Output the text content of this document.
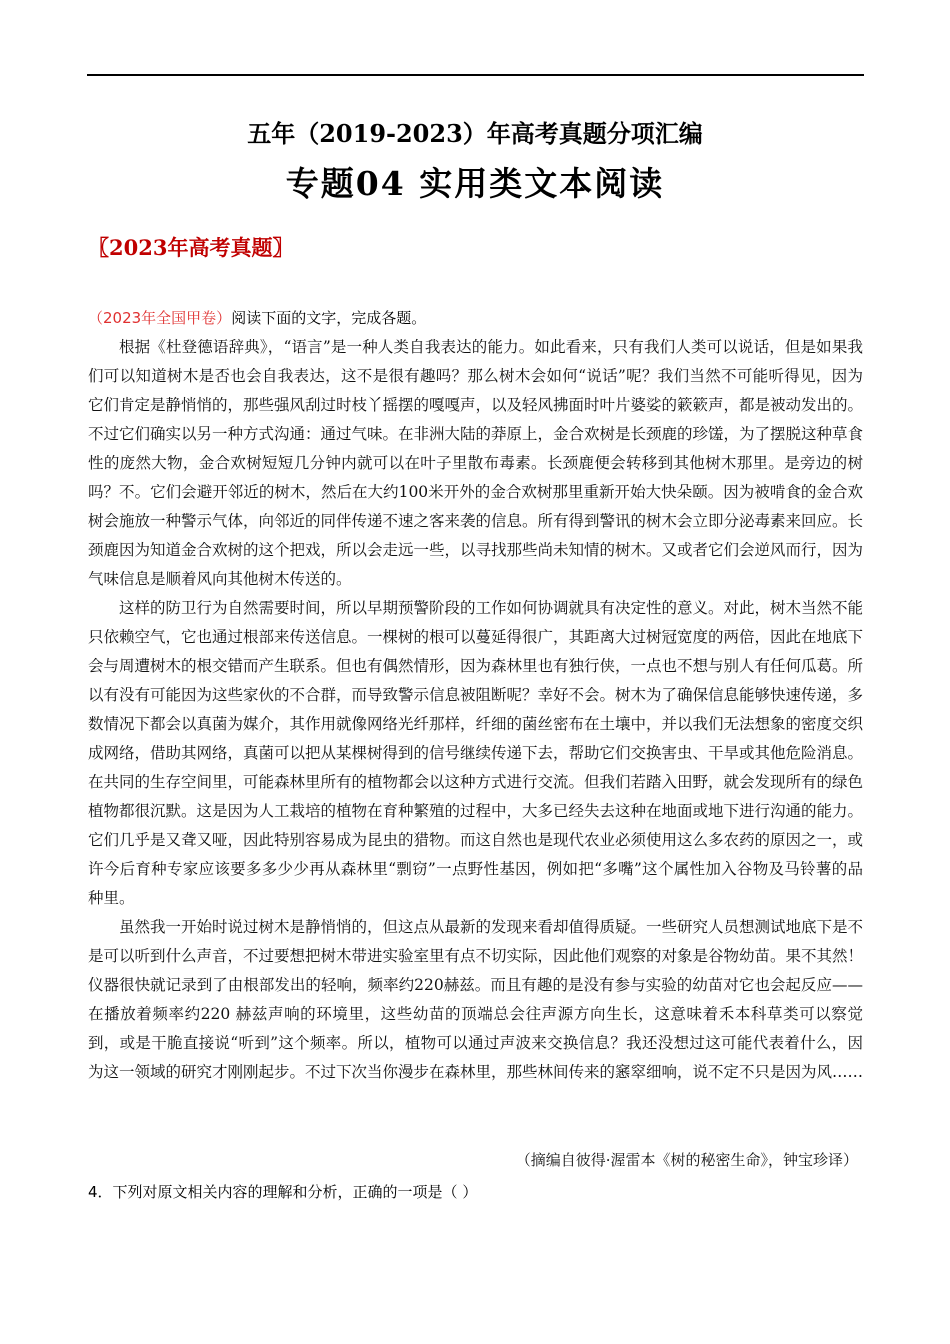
五年（2019-2023）年高考真题分项汇编
专题04 实用类文本阅读
〖2023年高考真题〗
（2023年全国甲卷）阅读下面的文字，完成各题。

根据《杜登德语辞典》，“语言”是一种人类自我表达的能力。如此看来，只有我们人类可以说话，但是如果我们可以知道树木是否也会自我表达，这不是很有趣吗？那么树木会如何“说话”呢？我们当然不可能听得见，因为它们肯定是静悄悄的，那些强风刮过时枝丫摇摆的嘎嘎声，以及轻风拂面时叶片婆娑的簌簌声，都是被动发出的。不过它们确实以另一种方式沟通：通过气味。在非洲大陆的莽原上，金合欢树是长颈鹿的珍馐，为了摆脱这种草食性的庞然大物，金合欢树短短几分钟内就可以在叶子里散布毒素。长颈鹿便会转移到其他树木那里。是旁边的树吗？不。它们会避开邻近的树木，然后在大约100米开外的金合欢树那里重新开始大快朵颐。因为被啃食的金合欢树会施放一种警示气体，向邻近的同伴传递不速之客来袭的信息。所有得到警讯的树木会立即分泌毒素来回应。长颈鹿因为知道金合欢树的这个把戏，所以会走远一些，以寻找那些尚未知情的树木。又或者它们会逆风而行，因为气味信息是顺着风向其他树木传送的。

这样的防卫行为自然需要时间，所以早期预警阶段的工作如何协调就具有决定性的意义。对此，树木当然不能只依赖空气，它也通过根部来传送信息。一棵树的根可以蔓延得很广，其距离大过树冠宽度的两倍，因此在地底下会与周遭树木的根交错而产生联系。但也有偶然情形，因为森林里也有独行侠，一点也不想与别人有任何瓜葛。所以有没有可能因为这些家伙的不合群，而导致警示信息被阻断呢？幸好不会。树木为了确保信息能够快速传递，多数情况下都会以真菌为媒介，其作用就像网络光纤那样，纤细的菌丝密布在土壤中，并以我们无法想象的密度交织成网络，借助其网络，真菌可以把从某棵树得到的信号继续传递下去，帮助它们交换害虫、干旱或其他危险消息。在共同的生存空间里，可能森林里所有的植物都会以这种方式进行交流。但我们若踏入田野，就会发现所有的绿色植物都很沉默。这是因为人工栽培的植物在育种繁殖的过程中，大多已经失去这种在地面或地下进行沟通的能力。它们几乎是又聋又哑，因此特别容易成为昆虫的猎物。而这自然也是现代农业必须使用这么多农药的原因之一，或许今后育种专家应该要多多少少再从森林里“剽窃”一点野性基因，例如把“多嘴”这个属性加入谷物及马铃薯的品种里。

虽然我一开始时说过树木是静悄悄的，但这点从最新的发现来看却值得质疑。一些研究人员想测试地底下是不是可以听到什么声音，不过要想把树木带进实验室里有点不切实际，因此他们观察的对象是谷物幼苗。果不其然！仪器很快就记录到了由根部发出的轻响，频率约220赫兹。而且有趣的是没有参与实验的幼苗对它也会起反应——在播放着频率约220 赫兹声响的环境里，这些幼苗的顶端总会往声源方向生长，这意味着禾本科草类可以察觉到，或是干脆直接说“听到”这个频率。所以，植物可以通过声波来交换信息？我还没想过这可能代表着什么，因为这一领域的研究才刚刚起步。不过下次当你漫步在森林里，那些林间传来的窸窣细响，说不定不只是因为风……

（摘编自彼得·渥雷本《树的秘密生命》，钟宝珍译）
4．下列对原文相关内容的理解和分析，正确的一项是（ ）
